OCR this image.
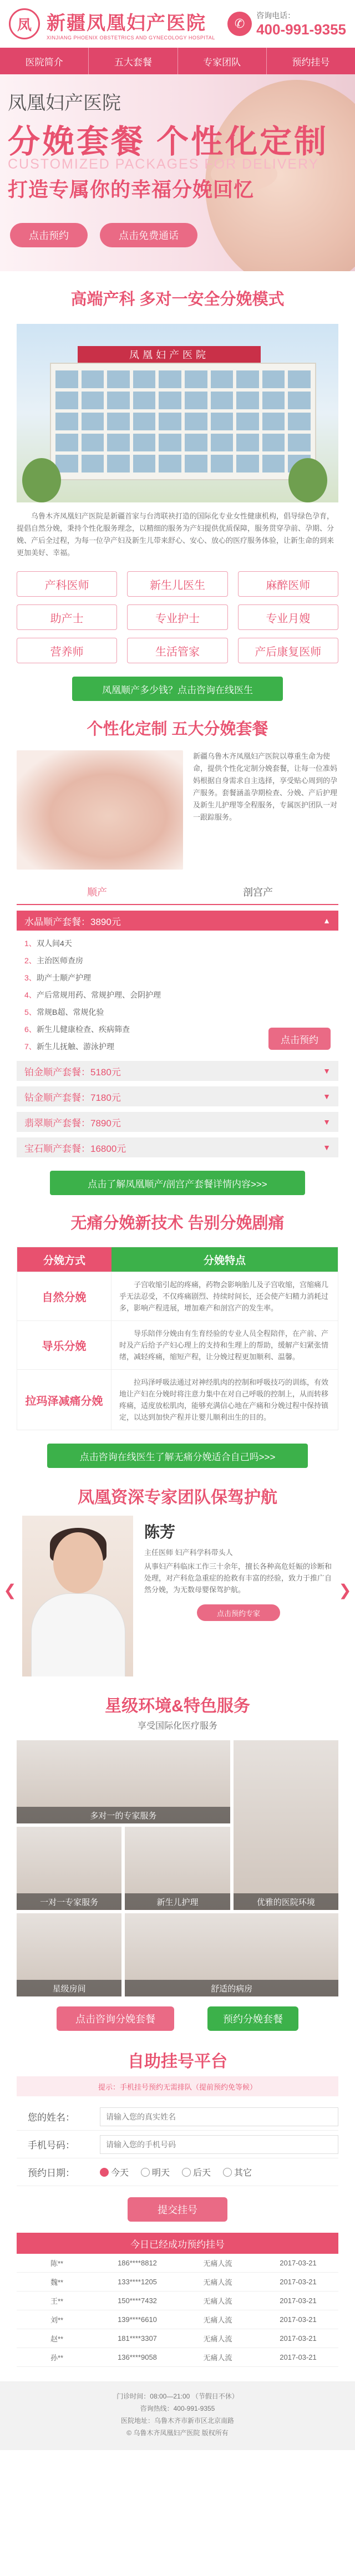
凤 新疆凤凰妇产医院
XINJIANG PHOENIX OBSTETRICS AND GYNECOLOGY HOSPITAL
✆
咨询电话：
400-991-9355
医院简介	五大套餐	专家团队	预约挂号
凤凰妇产医院
分娩套餐 个性化定制
CUSTOMIZED PACKAGES FOR DELIVERY
打造专属你的幸福分娩回忆
点击预约	点击免费通话
高端产科 多对一安全分娩模式
凤凰妇产医院

乌鲁木齐凤凰妇产医院是新疆首家与台湾联袂打造的国际化专业女性健康机构，倡导绿色孕育，提倡自然分娩，秉持个性化服务理念，以精细的服务为产妇提供优质保障，服务贯穿孕前、孕期、分娩、产后全过程，为每一位孕产妇及新生儿带来舒心、安心、放心的医疗服务体验，让新生命的到来更加美好、幸福。

产科医师	新生儿医生	麻醉医师
助产士	专业护士	专业月嫂
营养师	生活管家	产后康复医师
凤凰顺产多少钱？点击咨询在线医生
个性化定制 五大分娩套餐

新疆乌鲁木齐凤凰妇产医院以尊重生命为使命，提供个性化定制分娩套餐，让每一位准妈妈根据自身需求自主选择，享受贴心周到的孕产服务。套餐涵盖孕期检查、分娩、产后护理及新生儿护理等全程服务，专属医护团队一对一跟踪服务。

顺产	剖宫产
水晶顺产套餐：3890元	▲
1、双人间4天
2、主治医师查房
3、助产士顺产护理
4、产后常规用药、常规护理、会阴护理
5、常规B超、常规化验
6、新生儿健康检查、疾病筛查
7、新生儿抚触、游泳护理
点击预约
铂金顺产套餐：5180元	▼
钻金顺产套餐：7180元	▼
翡翠顺产套餐：7890元	▼
宝石顺产套餐：16800元	▼
点击了解凤凰顺产/剖宫产套餐详情内容>>>
无痛分娩新技术 告别分娩剧痛
分娩方式	分娩特点
自然分娩
子宫收缩引起的疼痛，药物会影响胎儿及子宫收缩，宫缩痛几乎无法忍受，不仅疼痛剧烈、持续时间长，还会使产妇精力消耗过多，影响产程进展，增加难产和剖宫产的发生率。
导乐分娩
导乐陪伴分娩由有生育经验的专业人员全程陪伴，在产前、产时及产后给予产妇心理上的支持和生理上的帮助，缓解产妇紧张情绪，减轻疼痛，缩短产程，让分娩过程更加顺利、温馨。
拉玛泽减痛分娩
拉玛泽呼吸法通过对神经肌肉的控制和呼吸技巧的训练，有效地让产妇在分娩时将注意力集中在对自己呼吸的控制上，从而转移疼痛，适度放松肌肉，能够充满信心地在产痛和分娩过程中保持镇定，以达到加快产程并让婴儿顺利出生的目的。
点击咨询在线医生了解无痛分娩适合自己吗>>>
凤凰资深专家团队保驾护航
❮
陈芳
主任医师 妇产科学科带头人
从事妇产科临床工作三十余年，擅长各种高危妊娠的诊断和处理，对产科危急重症的抢救有丰富的经验，致力于推广自然分娩，为无数母婴保驾护航。
点击预约专家
❯
星级环境&特色服务
享受国际化医疗服务
多对一的专家服务
优雅的医院环境
一对一专家服务	新生儿护理
星级房间	舒适的病房
点击咨询分娩套餐	预约分娩套餐
自助挂号平台
提示：手机挂号预约无需排队（提前预约免等候）
您的姓名：
请输入您的真实姓名
手机号码：
请输入您的手机号码
预约日期：	今天	明天	后天	其它
提交挂号
今日已经成功预约挂号
陈**	186****8812	无痛人流	2017-03-21
魏**	133****1205	无痛人流	2017-03-21
王**	150****7432	无痛人流	2017-03-21
刘**	139****6610	无痛人流	2017-03-21
赵**	181****3307	无痛人流	2017-03-21
孙**	136****9058	无痛人流	2017-03-21
门诊时间：08:00—21:00 （节假日不休）
咨询热线：400-991-9355
医院地址：乌鲁木齐市新市区北京南路
© 乌鲁木齐凤凰妇产医院 版权所有
